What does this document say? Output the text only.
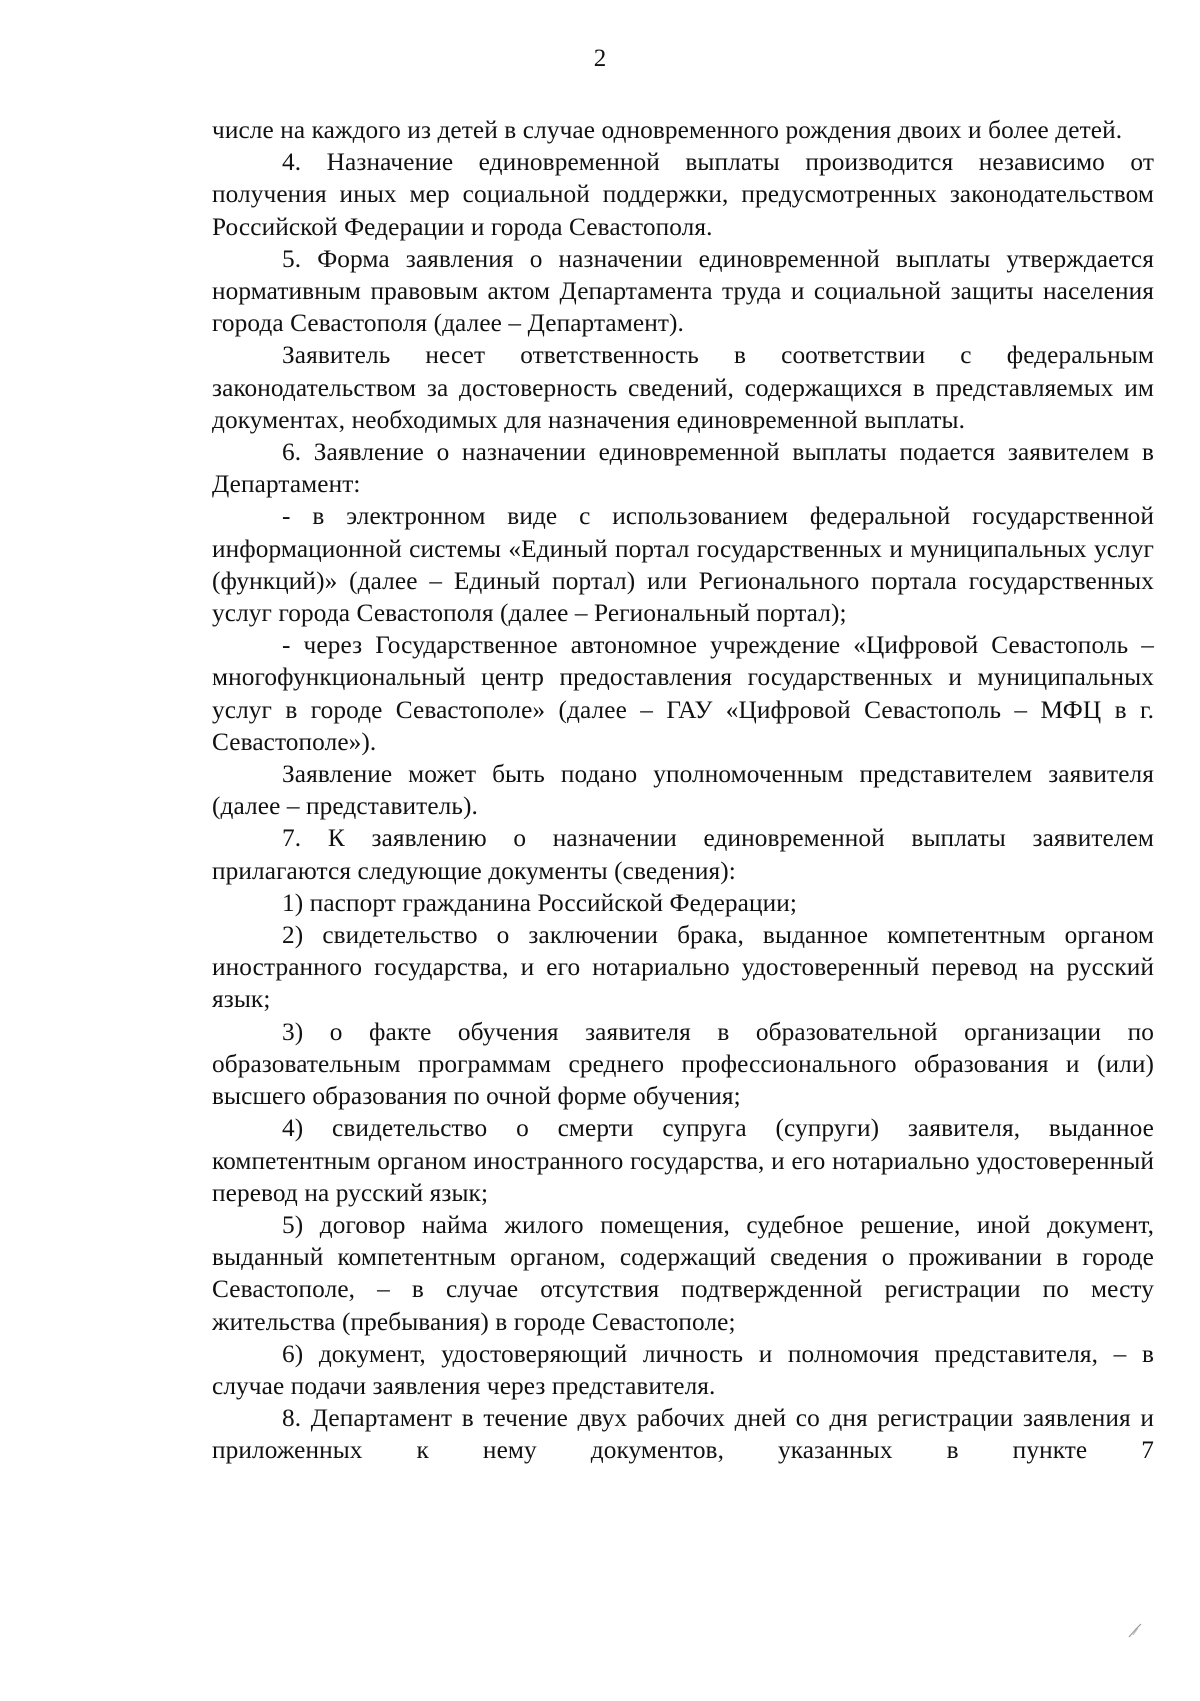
2

числе на каждого из детей в случае одновременного рождения двоих и более детей.

4. Назначение единовременной выплаты производится независимо от получения иных мер социальной поддержки, предусмотренных законодательством Российской Федерации и города Севастополя.

5. Форма заявления о назначении единовременной выплаты утверждается нормативным правовым актом Департамента труда и социальной защиты населения города Севастополя (далее – Департамент).

Заявитель несет ответственность в соответствии с федеральным законодательством за достоверность сведений, содержащихся в представляемых им документах, необходимых для назначения единовременной выплаты.

6. Заявление о назначении единовременной выплаты подается заявителем в Департамент:

- в электронном виде с использованием федеральной государственной информационной системы «Единый портал государственных и муниципальных услуг (функций)» (далее – Единый портал) или Регионального портала государственных услуг города Севастополя (далее – Региональный портал);

- через Государственное автономное учреждение «Цифровой Севастополь – многофункциональный центр предоставления государственных и муниципальных услуг в городе Севастополе» (далее – ГАУ «Цифровой Севастополь – МФЦ в г. Севастополе»).

Заявление может быть подано уполномоченным представителем заявителя (далее – представитель).

7. К заявлению о назначении единовременной выплаты заявителем прилагаются следующие документы (сведения):

1) паспорт гражданина Российской Федерации;

2) свидетельство о заключении брака, выданное компетентным органом иностранного государства, и его нотариально удостоверенный перевод на русский язык;

3) о факте обучения заявителя в образовательной организации по образовательным программам среднего профессионального образования и (или) высшего образования по очной форме обучения;

4) свидетельство о смерти супруга (супруги) заявителя, выданное компетентным органом иностранного государства, и его нотариально удостоверенный перевод на русский язык;

5) договор найма жилого помещения, судебное решение, иной документ, выданный компетентным органом, содержащий сведения о проживании в городе Севастополе, – в случае отсутствия подтвержденной регистрации по месту жительства (пребывания) в городе Севастополе;

6) документ, удостоверяющий личность и полномочия представителя, – в случае подачи заявления через представителя.

8. Департамент в течение двух рабочих дней со дня регистрации заявления и приложенных к нему документов, указанных в пункте 7
